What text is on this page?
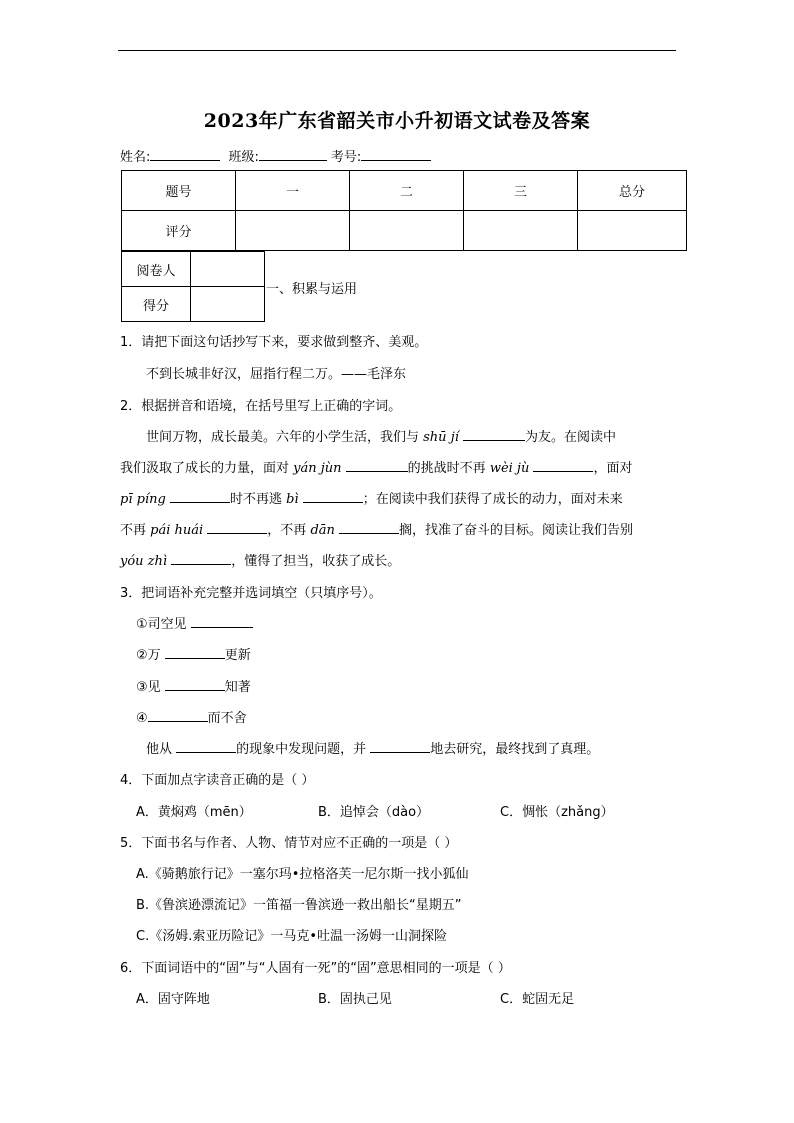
2023年广东省韶关市小升初语文试卷及答案
姓名:	班级:	考号:
题号	一	二	三	总分
评分				
阅卷人	
得分	
一、积累与运用
1．请把下面这句话抄写下来，要求做到整齐、美观。
不到长城非好汉，屈指行程二万。——毛泽东
2．根据拼音和语境，在括号里写上正确的字词。
世间万物，成长最美。六年的小学生活，我们与 shū jí	为友。在阅读中
我们汲取了成长的力量，面对 yán jùn	的挑战时不再 wèi jù	，面对
pī píng	时不再逃 bì	；在阅读中我们获得了成长的动力，面对未来
不再 pái huái	，不再 dān	搁，找准了奋斗的目标。阅读让我们告别
yóu zhì	，懂得了担当，收获了成长。
3．把词语补充完整并选词填空（只填序号）。
①司空见
②万	更新
③见	知著
④	而不舍
他从	的现象中发现问题，并	地去研究，最终找到了真理。
4．下面加点字读音正确的是（ ）
A．黄焖鸡（mēn）	B．追悼会（dào）	C．惆怅（zhǎng）
5．下面书名与作者、人物、情节对应不正确的一项是（ ）
A.《骑鹅旅行记》一塞尔玛•拉格洛芙一尼尔斯一找小狐仙
B.《鲁滨逊漂流记》一笛福一鲁滨逊一救出船长“星期五”
C.《汤姆.索亚历险记》一马克•吐温一汤姆一山洞探险
6．下面词语中的“固”与“人固有一死”的“固”意思相同的一项是（ ）
A．固守阵地	B．固执己见	C．蛇固无足
